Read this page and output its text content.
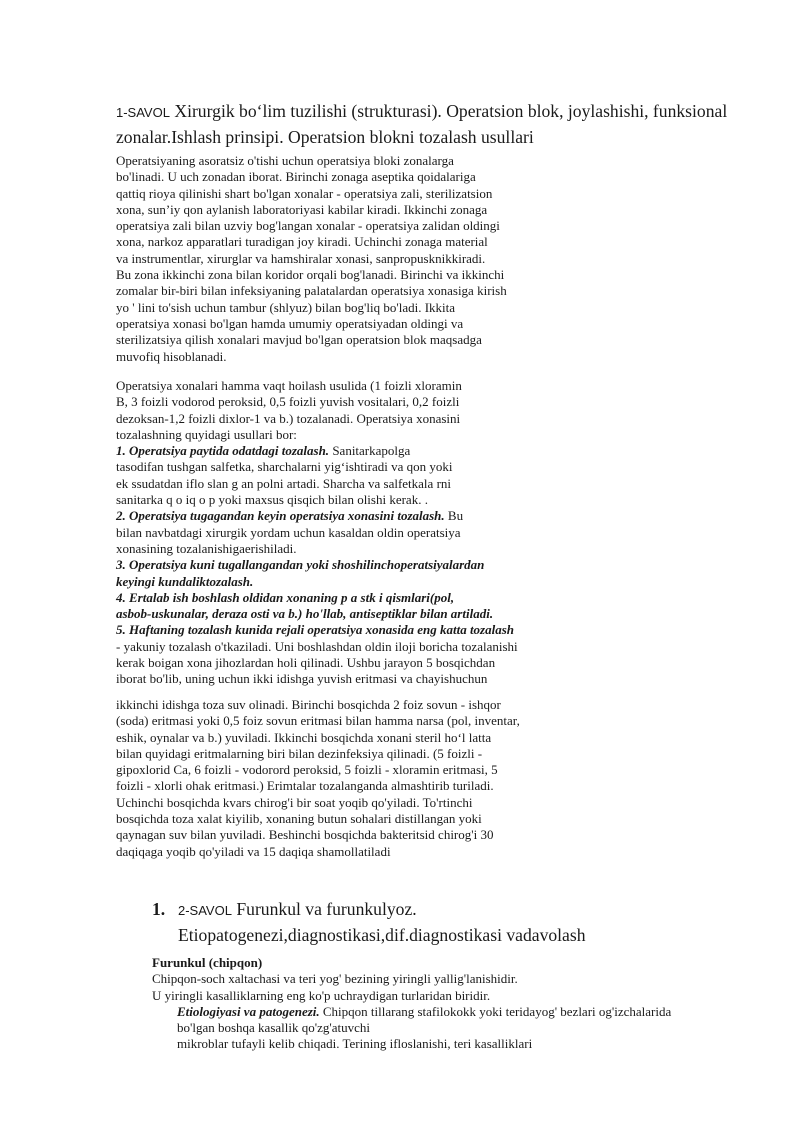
1-SAVOL Xirurgik bo‘lim tuzilishi (strukturasi). Operatsion blok, joylashishi, funksional zonalar.Ishlash prinsipi. Operatsion blokni tozalash usullari
Operatsiyaning asoratsiz o'tishi uchun operatsiya bloki zonalarga
bo'linadi. U uch zonadan iborat. Birinchi zonaga aseptika qoidalariga
qattiq rioya qilinishi shart bo'lgan xonalar - operatsiya zali, sterilizatsion
xona, sun’iy qon aylanish laboratoriyasi kabilar kiradi. Ikkinchi zonaga
operatsiya zali bilan uzviy bog'langan xonalar - operatsiya zalidan oldingi
xona, narkoz apparatlari turadigan joy kiradi. Uchinchi zonaga material
va instrumentlar, xirurglar va hamshiralar xonasi, sanpropusknikkiradi.
Bu zona ikkinchi zona bilan koridor orqali bog'lanadi. Birinchi va ikkinchi
zomalar bir-biri bilan infeksiyaning palatalardan operatsiya xonasiga kirish
yo ' lini to'sish uchun tambur (shlyuz) bilan bog'liq bo'ladi. Ikkita
operatsiya xonasi bo'lgan hamda umumiy operatsiyadan oldingi va
sterilizatsiya qilish xonalari mavjud bo'lgan operatsion blok maqsadga
muvofiq hisoblanadi.
Operatsiya xonalari hamma vaqt hoilash usulida (1 foizli xloramin
B, 3 foizli vodorod peroksid, 0,5 foizli yuvish vositalari, 0,2 foizli
dezoksan-1,2 foizli dixlor-1 va b.) tozalanadi. Operatsiya xonasini
tozalashning quyidagi usullari bor:
1. Operatsiya paytida odatdagi tozalash. Sanitarkapolga
tasodifan tushgan salfetka, sharchalarni yig‘ishtiradi va qon yoki
ek ssudatdan iflo slan g an polni artadi. Sharcha va salfetkala rni
sanitarka q o iq o p yoki maxsus qisqich bilan olishi kerak. .
2. Operatsiya tugagandan keyin operatsiya xonasini tozalash. Bu
bilan navbatdagi xirurgik yordam uchun kasaldan oldin operatsiya
xonasining tozalanishigaerishiladi.
3. Operatsiya kuni tugallangandan yoki shoshilinchoperatsiyalardan
keyingi kundaliktozalash.
4. Ertalab ish boshlash oldidan xonaning p a stk i qismlari(pol,
asbob-uskunalar, deraza osti va b.) ho'llab, antiseptiklar bilan artiladi.
5. Haftaning tozalash kunida rejali operatsiya xonasida eng katta tozalash
- yakuniy tozalash o'tkaziladi. Uni boshlashdan oldin iloji boricha tozalanishi
kerak boigan xona jihozlardan holi qilinadi. Ushbu jarayon 5 bosqichdan
iborat bo'lib, uning uchun ikki idishga yuvish eritmasi va chayishuchun
ikkinchi idishga toza suv olinadi. Birinchi bosqichda 2 foiz sovun - ishqor
(soda) eritmasi yoki 0,5 foiz sovun eritmasi bilan hamma narsa (pol, inventar,
eshik, oynalar va b.) yuviladi. Ikkinchi bosqichda xonani steril ho‘l latta
bilan quyidagi eritmalarning biri bilan dezinfeksiya qilinadi. (5 foizli -
gipoxlorid Ca, 6 foizli - vodorord peroksid, 5 foizli - xloramin eritmasi, 5
foizli - xlorli ohak eritmasi.) Erimtalar tozalanganda almashtirib turiladi.
Uchinchi bosqichda kvars chirog'i bir soat yoqib qo'yiladi. To'rtinchi
bosqichda toza xalat kiyilib, xonaning butun sohalari distillangan yoki
qaynagan suv bilan yuviladi. Beshinchi bosqichda bakteritsid chirog'i 30
daqiqaga yoqib qo'yiladi va 15 daqiqa shamollatiladi
1. 2-SAVOL Furunkul va furunkulyoz.
Etiopatogenezi,diagnostikasi,dif.diagnostikasi vadavolash
Furunkul (chipqon)
Chipqon-soch xaltachasi va teri yog' bezining yiringli yallig'lanishidir.
U yiringli kasalliklarning eng ko'p uchraydigan turlaridan biridir.
Etiologiyasi va patogenezi. Chipqon tillarang stafilokokk yoki teridayog' bezlari og'izchalarida
bo'lgan boshqa kasallik qo'zg'atuvchi
mikroblar tufayli kelib chiqadi. Terining ifloslanishi, teri kasalliklari
